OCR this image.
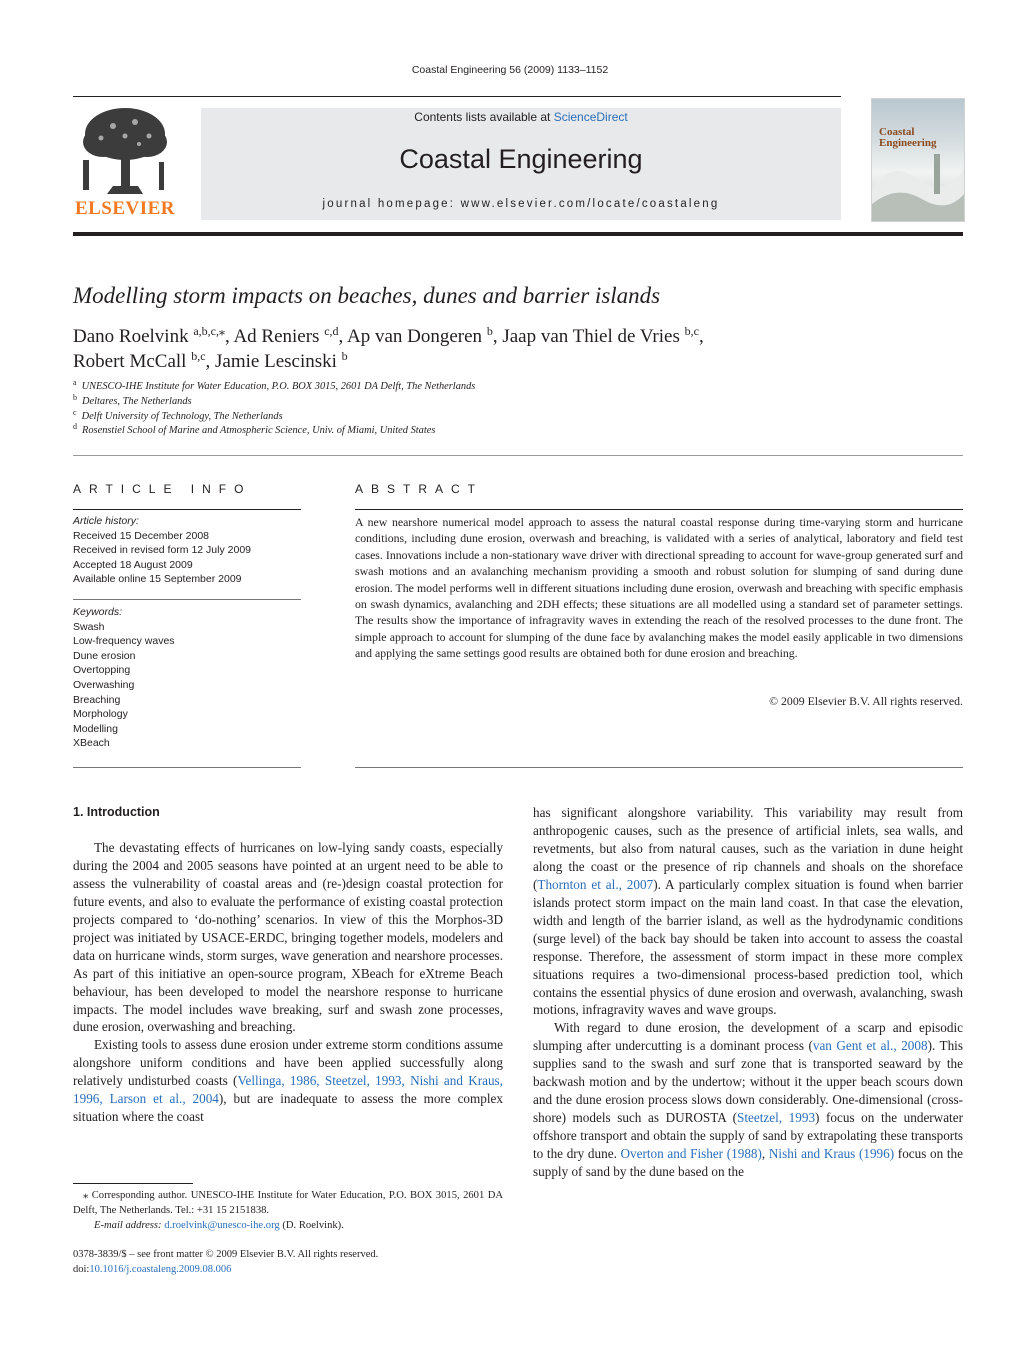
Coastal Engineering 56 (2009) 1133–1152
ELSEVIER
Contents lists available at ScienceDirect
Coastal Engineering
journal homepage: www.elsevier.com/locate/coastaleng
Coastal
Engineering
Modelling storm impacts on beaches, dunes and barrier islands
Dano Roelvink $^{a,b,c,⁎}$, Ad Reniers $^{c,d}$, Ap van Dongeren $^b$, Jaap van Thiel de Vries $^{b,c}$,
Robert McCall $^{b,c}$, Jamie Lescinski $^b$
$^a$ UNESCO-IHE Institute for Water Education, P.O. BOX 3015, 2601 DA Delft, The Netherlands
$^b$ Deltares, The Netherlands
$^c$ Delft University of Technology, The Netherlands
$^d$ Rosenstiel School of Marine and Atmospheric Science, Univ. of Miami, United States
ARTICLE INFO	ABSTRACT
Article history:
Received 15 December 2008
Received in revised form 12 July 2009
Accepted 18 August 2009
Available online 15 September 2009
Keywords:
Swash
Low-frequency waves
Dune erosion
Overtopping
Overwashing
Breaching
Morphology
Modelling
XBeach
A new nearshore numerical model approach to assess the natural coastal response during time-varying storm and hurricane conditions, including dune erosion, overwash and breaching, is validated with a series of analytical, laboratory and field test cases. Innovations include a non-stationary wave driver with directional spreading to account for wave-group generated surf and swash motions and an avalanching mechanism providing a smooth and robust solution for slumping of sand during dune erosion. The model performs well in different situations including dune erosion, overwash and breaching with specific emphasis on swash dynamics, avalanching and 2DH effects; these situations are all modelled using a standard set of parameter settings. The results show the importance of infragravity waves in extending the reach of the resolved processes to the dune front. The simple approach to account for slumping of the dune face by avalanching makes the model easily applicable in two dimensions and applying the same settings good results are obtained both for dune erosion and breaching.
© 2009 Elsevier B.V. All rights reserved.
1. Introduction

The devastating effects of hurricanes on low-lying sandy coasts, especially during the 2004 and 2005 seasons have pointed at an urgent need to be able to assess the vulnerability of coastal areas and (re-)design coastal protection for future events, and also to evaluate the performance of existing coastal protection projects compared to ‘do-nothing’ scenarios. In view of this the Morphos-3D project was initiated by USACE-ERDC, bringing together models, modelers and data on hurricane winds, storm surges, wave generation and nearshore processes. As part of this initiative an open-source program, XBeach for eXtreme Beach behaviour, has been developed to model the nearshore response to hurricane impacts. The model includes wave breaking, surf and swash zone processes, dune erosion, overwashing and breaching.

Existing tools to assess dune erosion under extreme storm conditions assume alongshore uniform conditions and have been applied successfully along relatively undisturbed coasts (Vellinga, 1986, Steetzel, 1993, Nishi and Kraus, 1996, Larson et al., 2004), but are inadequate to assess the more complex situation where the coast

⁎ Corresponding author. UNESCO-IHE Institute for Water Education, P.O. BOX 3015, 2601 DA Delft, The Netherlands. Tel.: +31 15 2151838.
E-mail address: d.roelvink@unesco-ihe.org (D. Roelvink).
0378-3839/$ – see front matter © 2009 Elsevier B.V. All rights reserved.
doi:10.1016/j.coastaleng.2009.08.006

has significant alongshore variability. This variability may result from anthropogenic causes, such as the presence of artificial inlets, sea walls, and revetments, but also from natural causes, such as the variation in dune height along the coast or the presence of rip channels and shoals on the shoreface (Thornton et al., 2007). A particularly complex situation is found when barrier islands protect storm impact on the main land coast. In that case the elevation, width and length of the barrier island, as well as the hydrodynamic conditions (surge level) of the back bay should be taken into account to assess the coastal response. Therefore, the assessment of storm impact in these more complex situations requires a two-dimensional process-based prediction tool, which contains the essential physics of dune erosion and overwash, avalanching, swash motions, infragravity waves and wave groups.

With regard to dune erosion, the development of a scarp and episodic slumping after undercutting is a dominant process (van Gent et al., 2008). This supplies sand to the swash and surf zone that is transported seaward by the backwash motion and by the undertow; without it the upper beach scours down and the dune erosion process slows down considerably. One-dimensional (cross-shore) models such as DUROSTA (Steetzel, 1993) focus on the underwater offshore transport and obtain the supply of sand by extrapolating these transports to the dry dune. Overton and Fisher (1988), Nishi and Kraus (1996) focus on the supply of sand by the dune based on the
